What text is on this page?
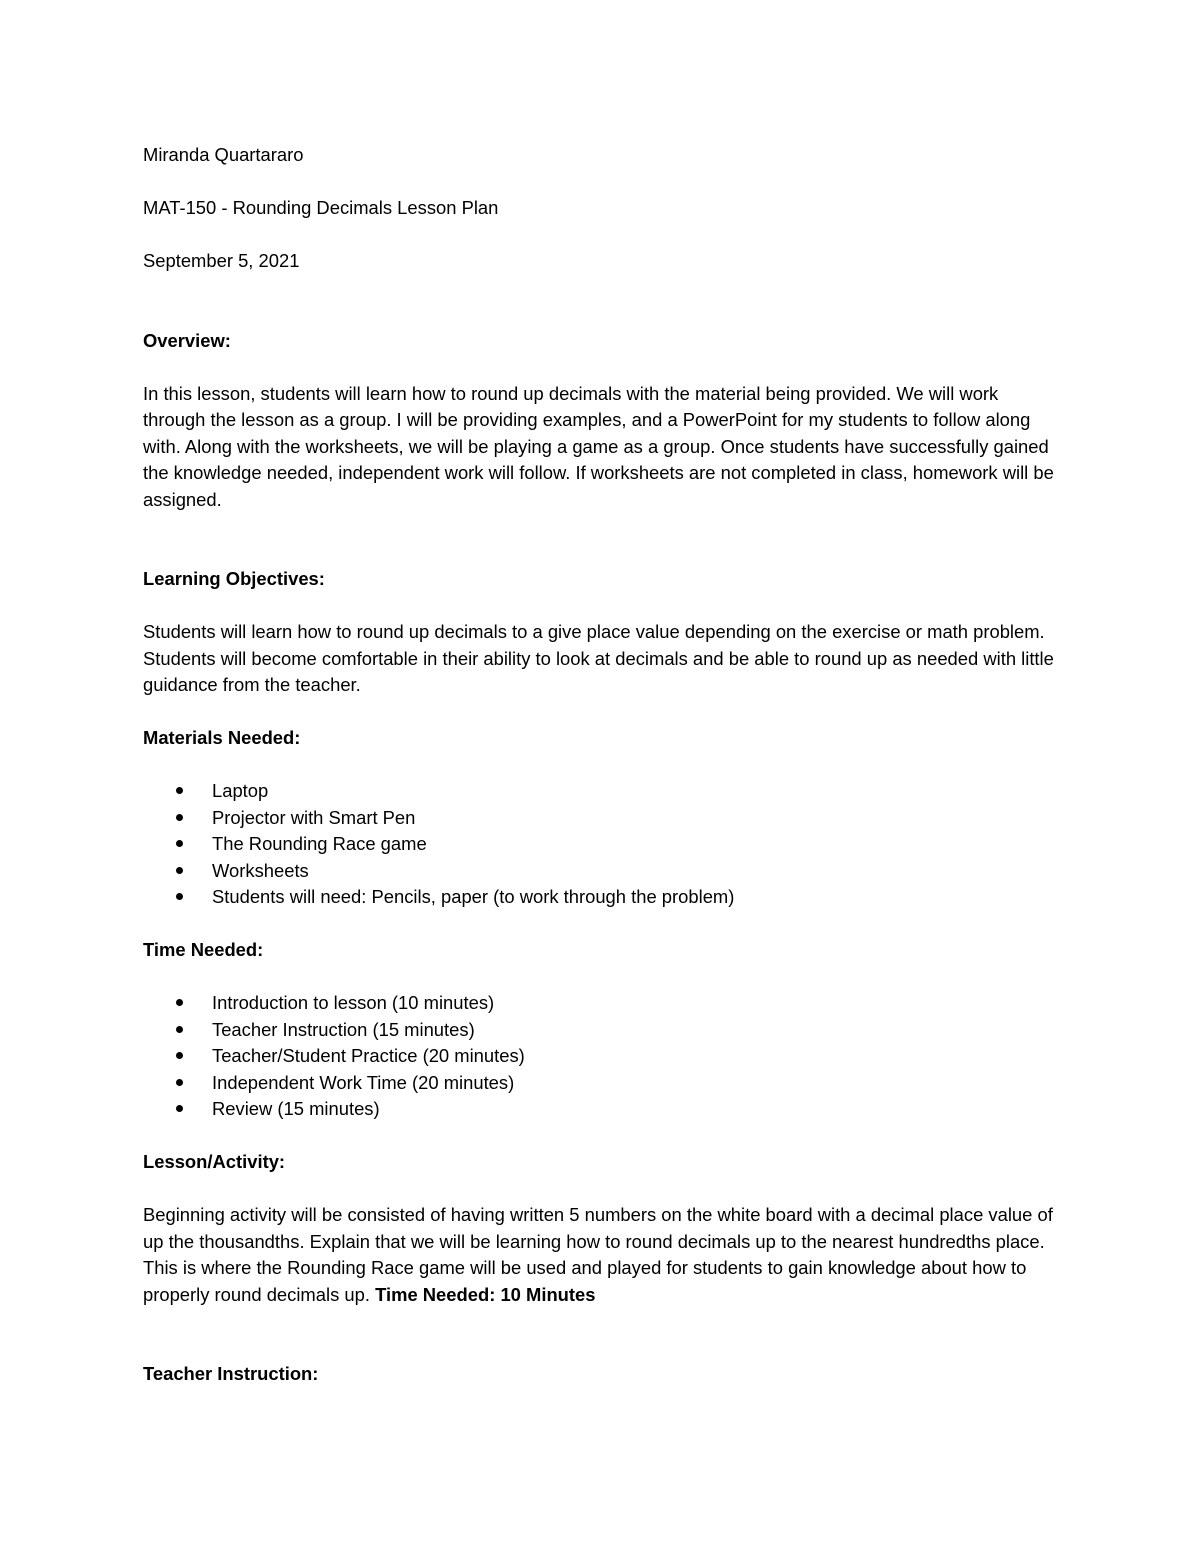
Miranda Quartararo

MAT-150 - Rounding Decimals Lesson Plan

September 5, 2021

Overview:

In this lesson, students will learn how to round up decimals with the material being provided. We will work through the lesson as a group. I will be providing examples, and a PowerPoint for my students to follow along with. Along with the worksheets, we will be playing a game as a group. Once students have successfully gained the knowledge needed, independent work will follow. If worksheets are not completed in class, homework will be assigned.

Learning Objectives:

Students will learn how to round up decimals to a give place value depending on the exercise or math problem. Students will become comfortable in their ability to look at decimals and be able to round up as needed with little guidance from the teacher.

Materials Needed:

Laptop
Projector with Smart Pen
The Rounding Race game
Worksheets
Students will need: Pencils, paper (to work through the problem)

Time Needed:

Introduction to lesson (10 minutes)
Teacher Instruction (15 minutes)
Teacher/Student Practice (20 minutes)
Independent Work Time (20 minutes)
Review (15 minutes)

Lesson/Activity:

Beginning activity will be consisted of having written 5 numbers on the white board with a decimal place value of up the thousandths. Explain that we will be learning how to round decimals up to the nearest hundredths place. This is where the Rounding Race game will be used and played for students to gain knowledge about how to properly round decimals up. Time Needed: 10 Minutes

Teacher Instruction:
